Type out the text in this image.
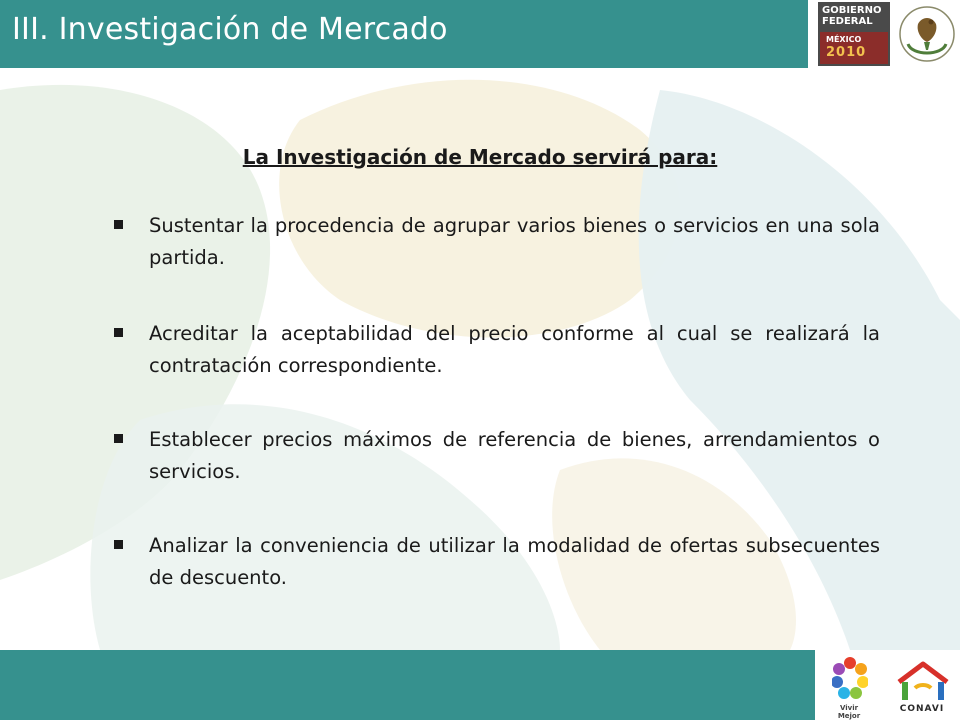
III. Investigación de Mercado
GOBIERNO
FEDERAL
MÉXICO
2010
La Investigación de Mercado servirá para:
Sustentar la procedencia de agrupar varios bienes o servicios en una sola partida.
Acreditar la aceptabilidad del precio conforme al cual se realizará la contratación correspondiente.
Establecer precios máximos de referencia de bienes, arrendamientos o servicios.
Analizar la conveniencia de utilizar la modalidad de ofertas subsecuentes de descuento.
Vivir Mejor
CONAVI
